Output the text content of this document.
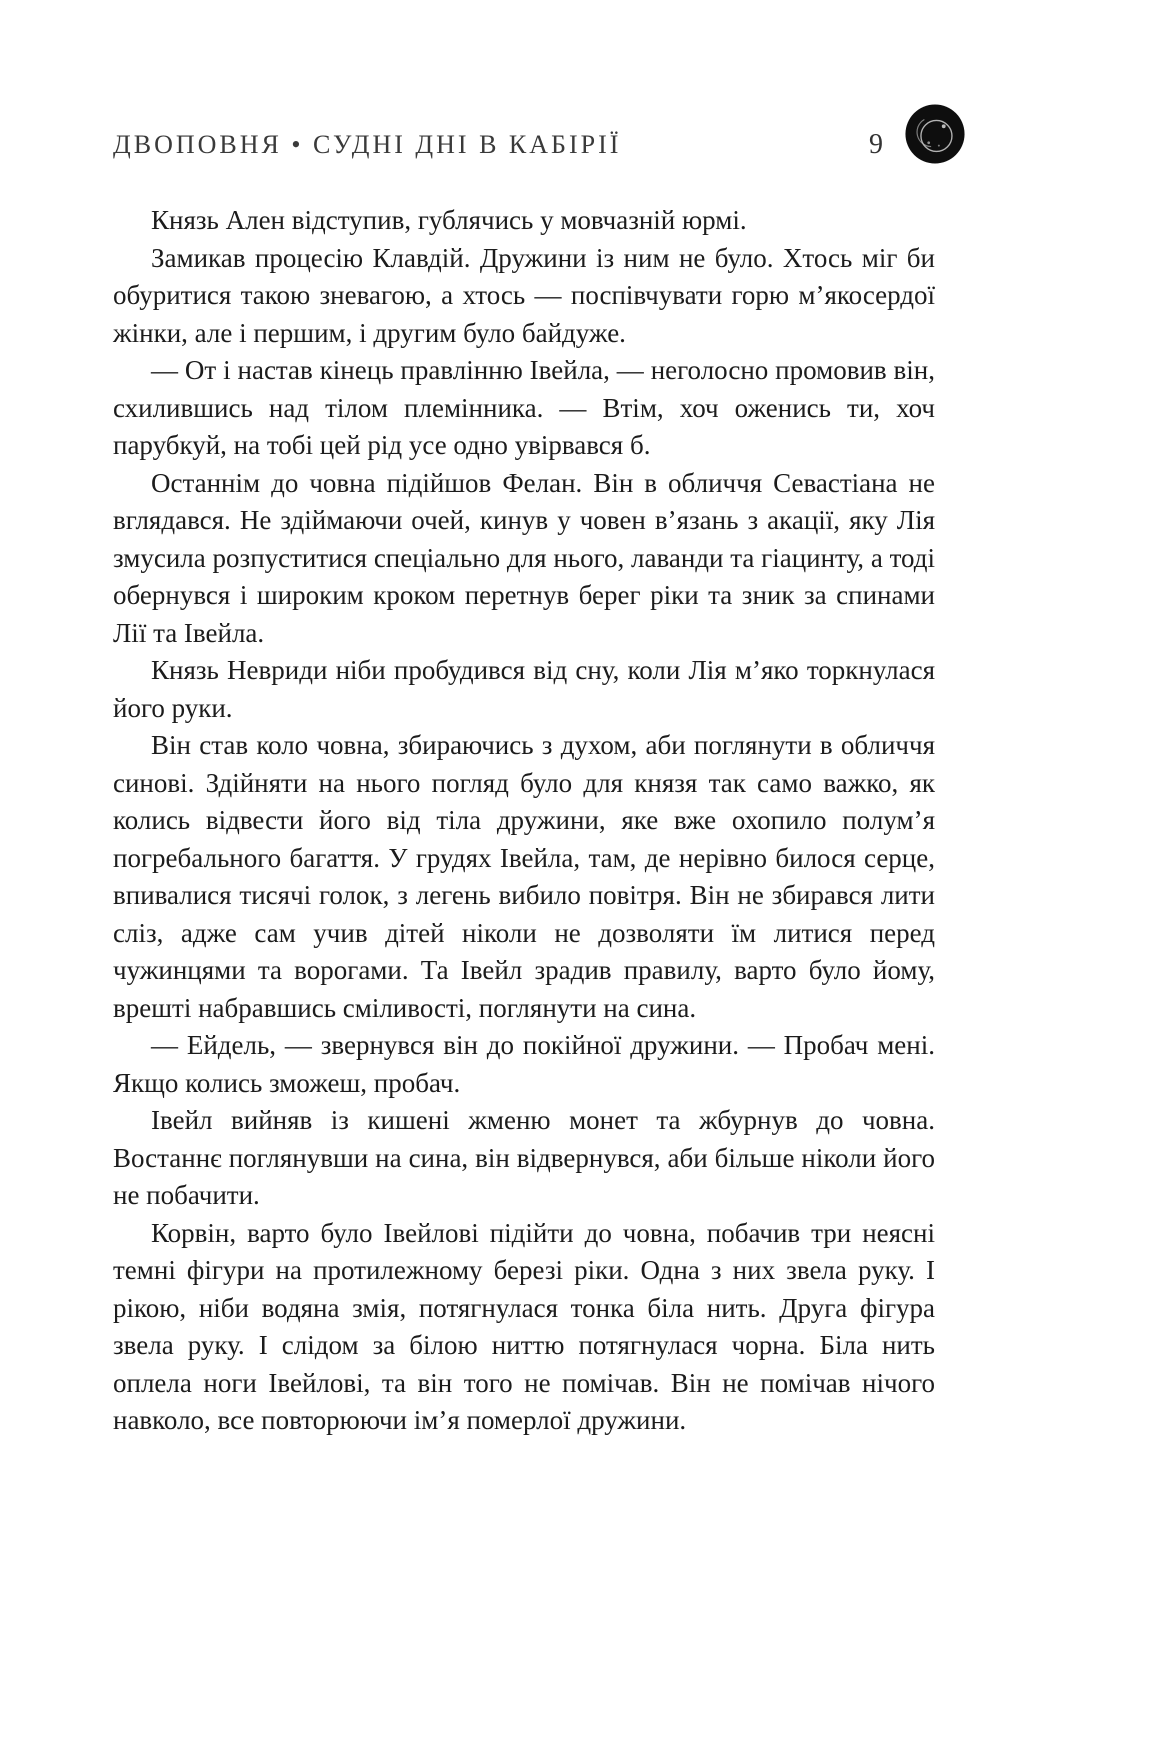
ДВОПОВНЯ • СУДНІ ДНІ В КАБІРІЇ	9

Князь Ален відступив, гублячись у мовчазній юрмі.

Замикав процесію Клавдій. Дружини із ним не було. Хтось міг би обуритися такою зневагою, а хтось — поспівчувати горю м’якосердої жінки, але і першим, і другим було байдуже.

— От і настав кінець правлінню Івейла, — неголосно промовив він, схилившись над тілом племінника. — Втім, хоч оженись ти, хоч парубкуй, на тобі цей рід усе одно увірвався б.

Останнім до човна підійшов Фелан. Він в обличчя Севастіана не вглядався. Не здіймаючи очей, кинув у човен в’язань з акації, яку Лія змусила розпуститися спеціально для нього, лаванди та гіацинту, а тоді обернувся і широким кроком перетнув берег ріки та зник за спинами Лії та Івейла.

Князь Невриди ніби пробудився від сну, коли Лія м’яко торкнулася його руки.

Він став коло човна, збираючись з духом, аби поглянути в обличчя синові. Здійняти на нього погляд було для князя так само важко, як колись відвести його від тіла дружини, яке вже охопило полум’я погребального багаття. У грудях Івейла, там, де нерівно билося серце, впивалися тисячі голок, з легень вибило повітря. Він не збирався лити сліз, адже сам учив дітей ніколи не дозволяти їм литися перед чужинцями та ворогами. Та Івейл зрадив правилу, варто було йому, врешті набравшись сміливості, поглянути на сина.

— Ейдель, — звернувся він до покійної дружини. — Пробач мені. Якщо колись зможеш, пробач.

Івейл вийняв із кишені жменю монет та жбурнув до човна. Востаннє поглянувши на сина, він відвернувся, аби більше ніколи його не побачити.

Корвін, варто було Івейлові підійти до човна, побачив три неясні темні фігури на протилежному березі ріки. Одна з них звела руку. І рікою, ніби водяна змія, потягнулася тонка біла нить. Друга фігура звела руку. І слідом за білою ниттю потягнулася чорна. Біла нить оплела ноги Івейлові, та він того не помічав. Він не помічав нічого навколо, все повторюючи ім’я померлої дружини.
